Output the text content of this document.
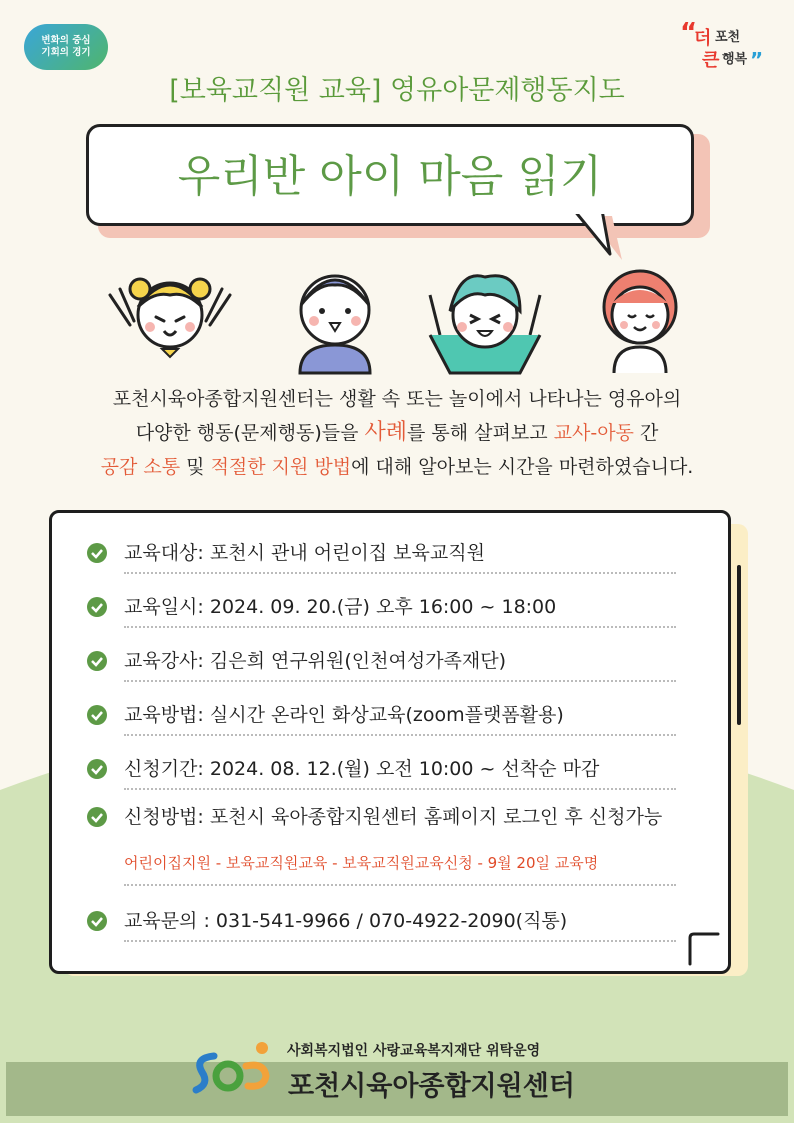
변화의 중심
기회의 경기
“
더 포천
큰 행복 ”
[보육교직원 교육] 영유아문제행동지도
우리반 아이 마음 읽기
포천시육아종합지원센터는 생활 속 또는 놀이에서 나타나는 영유아의
다양한 행동(문제행동)들을 사례를 통해 살펴보고 교사-아동 간
공감 소통 및 적절한 지원 방법에 대해 알아보는 시간을 마련하였습니다.
교육대상: 포천시 관내 어린이집 보육교직원
교육일시: 2024. 09. 20.(금) 오후 16:00 ~ 18:00
교육강사: 김은희 연구위원(인천여성가족재단)
교육방법: 실시간 온라인 화상교육(zoom플랫폼활용)
신청기간: 2024. 08. 12.(월) 오전 10:00 ~ 선착순 마감
신청방법: 포천시 육아종합지원센터 홈페이지 로그인 후 신청가능
어린이집지원 - 보육교직원교육 - 보육교직원교육신청 - 9월 20일 교육명
교육문의 : 031-541-9966 / 070-4922-2090(직통)
사회복지법인 사랑교육복지재단 위탁운영
포천시육아종합지원센터
